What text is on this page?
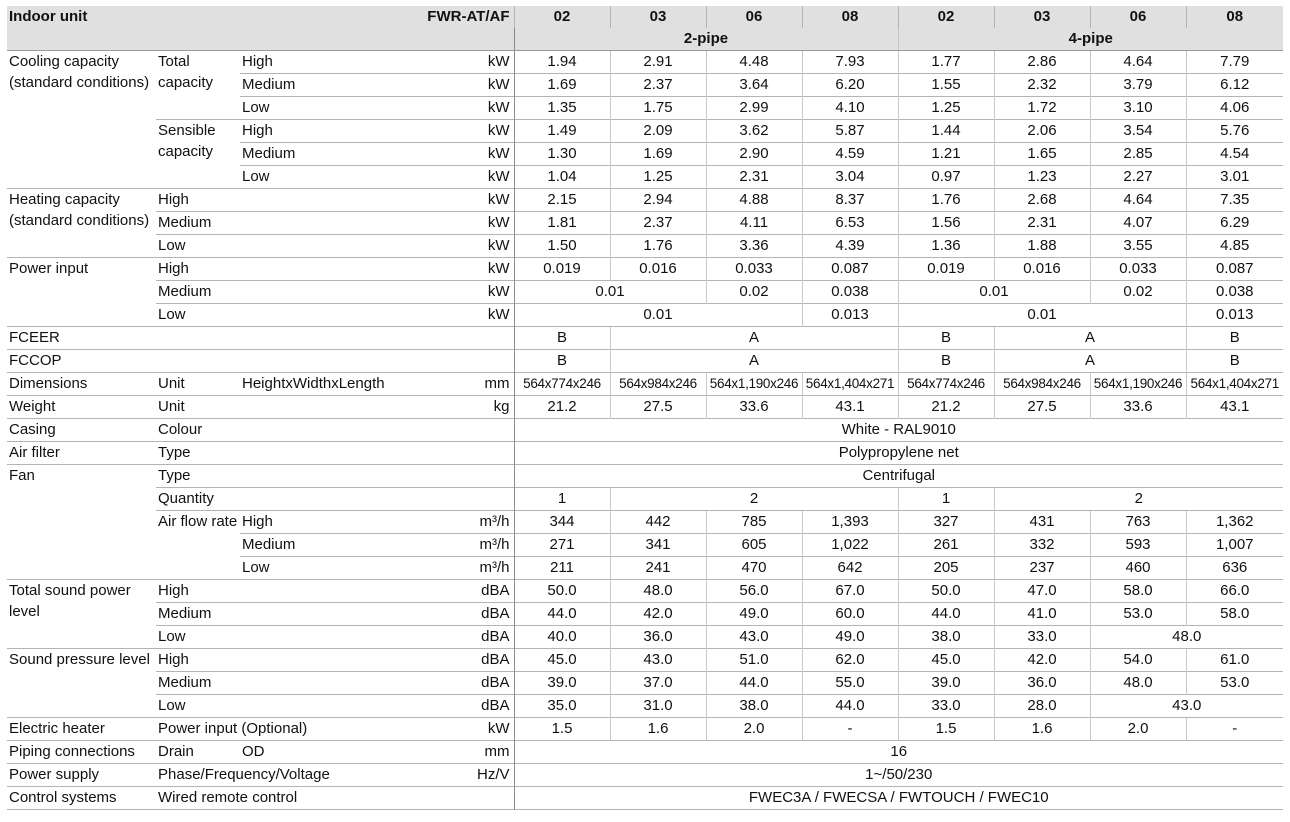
Indoor unit			FWR-AT/AF	02	03	06	08	02	03	06	08
				2-pipe				4-pipe			
Cooling capacity (standard conditions)	Total capacity	High	kW	1.94	2.91	4.48	7.93	1.77	2.86	4.64	7.79
		Medium	kW	1.69	2.37	3.64	6.20	1.55	2.32	3.79	6.12
		Low	kW	1.35	1.75	2.99	4.10	1.25	1.72	3.10	4.06
	Sensible capacity	High	kW	1.49	2.09	3.62	5.87	1.44	2.06	3.54	5.76
		Medium	kW	1.30	1.69	2.90	4.59	1.21	1.65	2.85	4.54
		Low	kW	1.04	1.25	2.31	3.04	0.97	1.23	2.27	3.01
Heating capacity (standard conditions)	High		kW	2.15	2.94	4.88	8.37	1.76	2.68	4.64	7.35
	Medium		kW	1.81	2.37	4.11	6.53	1.56	2.31	4.07	6.29
	Low		kW	1.50	1.76	3.36	4.39	1.36	1.88	3.55	4.85
Power input	High		kW	0.019	0.016	0.033	0.087	0.019	0.016	0.033	0.087
	Medium		kW	0.01		0.02	0.038	0.01		0.02	0.038
	Low		kW	0.01			0.013	0.01			0.013
FCEER				B	A			B	A		B
FCCOP				B	A			B	A		B
Dimensions	Unit	HeightxWidthxLength	mm	564x774x246	564x984x246	564x1,190x246	564x1,404x271	564x774x246	564x984x246	564x1,190x246	564x1,404x271
Weight	Unit		kg	21.2	27.5	33.6	43.1	21.2	27.5	33.6	43.1
Casing	Colour			White - RAL9010							
Air filter	Type			Polypropylene net							
Fan	Type			Centrifugal							
	Quantity			1	2			1	2		
	Air flow rate	High	m³/h	344	442	785	1,393	327	431	763	1,362
		Medium	m³/h	271	341	605	1,022	261	332	593	1,007
		Low	m³/h	211	241	470	642	205	237	460	636
Total sound power level	High		dBA	50.0	48.0	56.0	67.0	50.0	47.0	58.0	66.0
	Medium		dBA	44.0	42.0	49.0	60.0	44.0	41.0	53.0	58.0
	Low		dBA	40.0	36.0	43.0	49.0	38.0	33.0	48.0	
Sound pressure level	High		dBA	45.0	43.0	51.0	62.0	45.0	42.0	54.0	61.0
	Medium		dBA	39.0	37.0	44.0	55.0	39.0	36.0	48.0	53.0
	Low		dBA	35.0	31.0	38.0	44.0	33.0	28.0	43.0	
Electric heater	Power input (Optional)		kW	1.5	1.6	2.0	-	1.5	1.6	2.0	-
Piping connections	Drain	OD	mm	16							
Power supply	Phase/Frequency/Voltage		Hz/V	1~/50/230							
Control systems	Wired remote control			FWEC3A / FWECSA / FWTOUCH / FWEC10							
